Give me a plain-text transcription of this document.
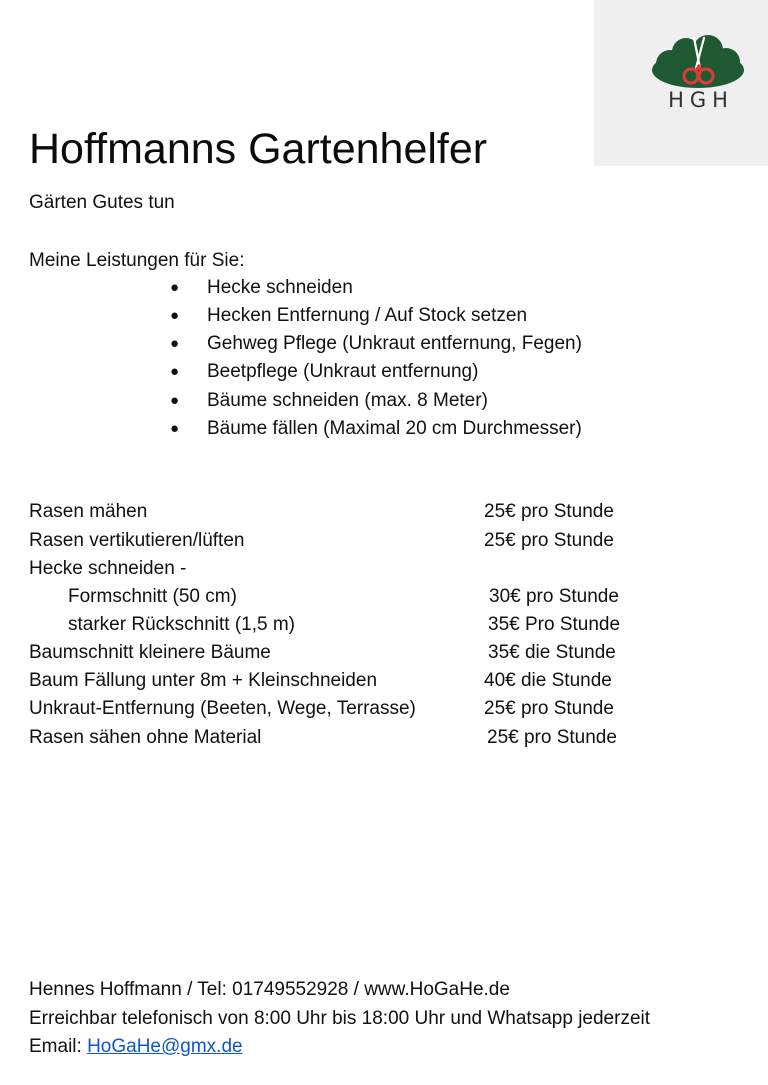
HGH
Hoffmanns Gartenhelfer
Gärten Gutes tun
Meine Leistungen für Sie:
● Hecke schneiden
● Hecken Entfernung / Auf Stock setzen
● Gehweg Pflege (Unkraut entfernung, Fegen)
● Beetpflege (Unkraut entfernung)
● Bäume schneiden (max. 8 Meter)
● Bäume fällen (Maximal 20 cm Durchmesser)
Rasen mähen	25€ pro Stunde
Rasen vertikutieren/lüften	25€ pro Stunde
Hecke schneiden -
Formschnitt (50 cm)	30€ pro Stunde
starker Rückschnitt (1,5 m)	35€ Pro Stunde
Baumschnitt kleinere Bäume	35€ die Stunde
Baum Fällung unter 8m + Kleinschneiden	40€ die Stunde
Unkraut-Entfernung (Beeten, Wege, Terrasse)	25€ pro Stunde
Rasen sähen ohne Material	25€ pro Stunde
Hennes Hoffmann / Tel: 01749552928 / www.HoGaHe.de
Erreichbar telefonisch von 8:00 Uhr bis 18:00 Uhr und Whatsapp jederzeit
Email: HoGaHe@gmx.de
